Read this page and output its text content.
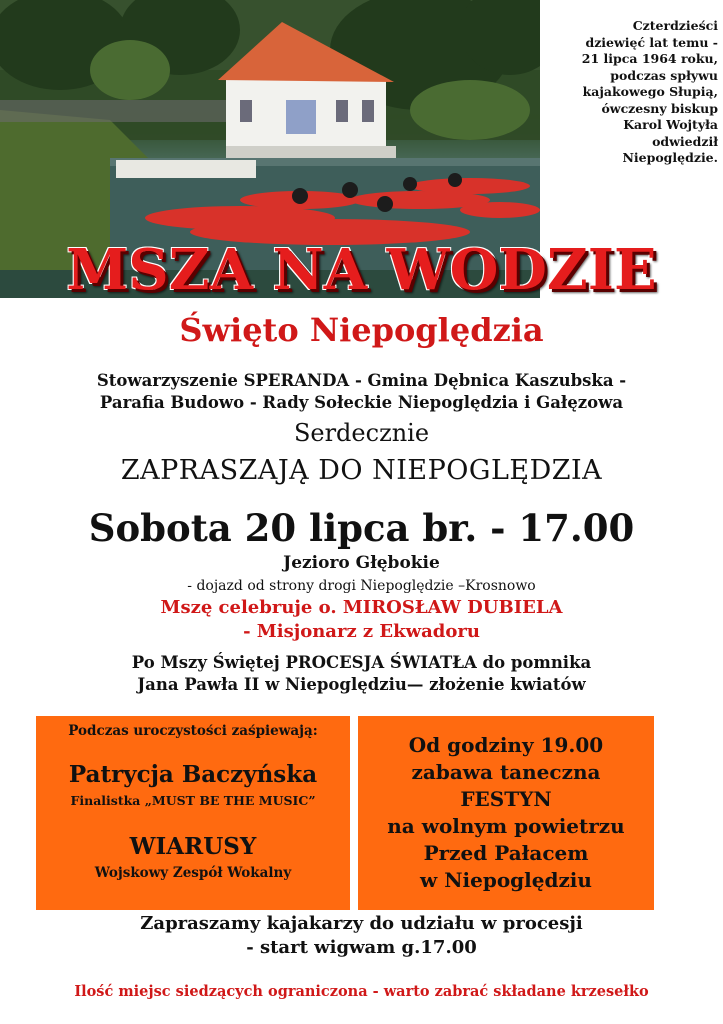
Czterdzieści
dziewięć lat temu -
21 lipca 1964 roku,
podczas spływu
kajakowego Słupią,
ówczesny biskup
Karol Wojtyła
odwiedził
Niepoględzie.
MSZA NA WODZIE
Święto Niepoględzia
Stowarzyszenie SPERANDA - Gmina Dębnica Kaszubska -
Parafia Budowo - Rady Sołeckie Niepoględzia i Gałęzowa
Serdecznie
ZAPRASZAJĄ DO NIEPOGLĘDZIA
Sobota 20 lipca br. - 17.00
Jezioro Głębokie
- dojazd od strony drogi Niepoględzie –Krosnowo
Mszę celebruje o. MIROSŁAW DUBIELA
- Misjonarz z Ekwadoru
Po Mszy Świętej PROCESJA ŚWIATŁA do pomnika
Jana Pawła II w Niepoględziu— złożenie kwiatów
Podczas uroczystości zaśpiewają:
Patrycja Baczyńska
Finalistka „MUST BE THE MUSIC”
WIARUSY
Wojskowy Zespół Wokalny
Od godziny 19.00
zabawa taneczna
FESTYN
na wolnym powietrzu
Przed Pałacem
w Niepoględziu
Zapraszamy kajakarzy do udziału w procesji
- start wigwam g.17.00
Ilość miejsc siedzących ograniczona - warto zabrać składane krzesełko
